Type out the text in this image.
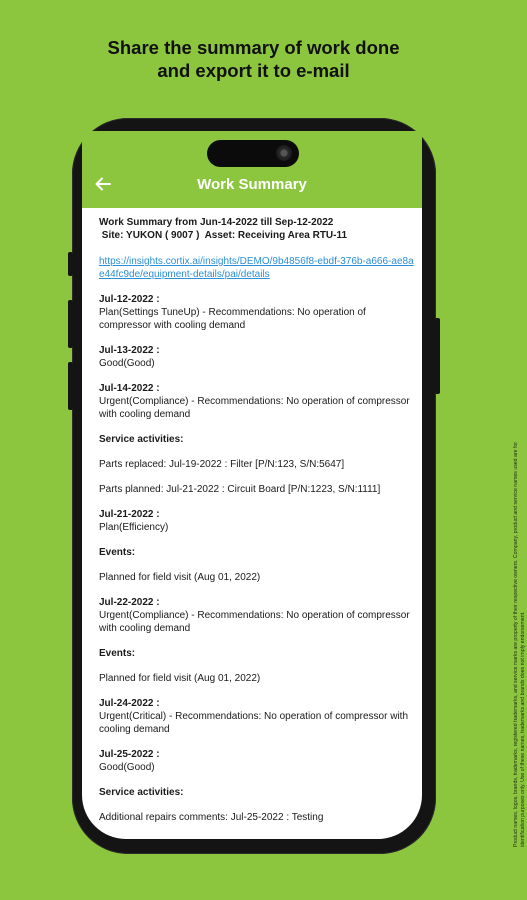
Share the summary of work done
and export it to e-mail
Product names, logos, brands, trademarks, registered trademarks, and service marks are property of their respective owners. Company, product and service names used are for identification purposes only. Use of these names, trademarks and brands does not imply endorsement.
Work Summary
Work Summary from Jun-14-2022 till Sep-12-2022
Site: YUKON ( 9007 )  Asset: Receiving Area RTU-11
https://insights.cortix.ai/insights/DEMO/9b4856f8-ebdf-376b-a666-ae8ae44fc9de/equipment-details/pai/details
Jul-12-2022 :
Plan(Settings TuneUp) - Recommendations: No operation of compressor with cooling demand
Jul-13-2022 :
Good(Good)
Jul-14-2022 :
Urgent(Compliance) - Recommendations: No operation of compressor with cooling demand
Service activities:
Parts replaced: Jul-19-2022 : Filter [P/N:123, S/N:5647]
Parts planned: Jul-21-2022 : Circuit Board [P/N:1223, S/N:1111]
Jul-21-2022 :
Plan(Efficiency)
Events:
Planned for field visit (Aug 01, 2022)
Jul-22-2022 :
Urgent(Compliance) - Recommendations: No operation of compressor with cooling demand
Events:
Planned for field visit (Aug 01, 2022)
Jul-24-2022 :
Urgent(Critical) - Recommendations: No operation of compressor with cooling demand
Jul-25-2022 :
Good(Good)
Service activities:
Additional repairs comments: Jul-25-2022 : Testing
